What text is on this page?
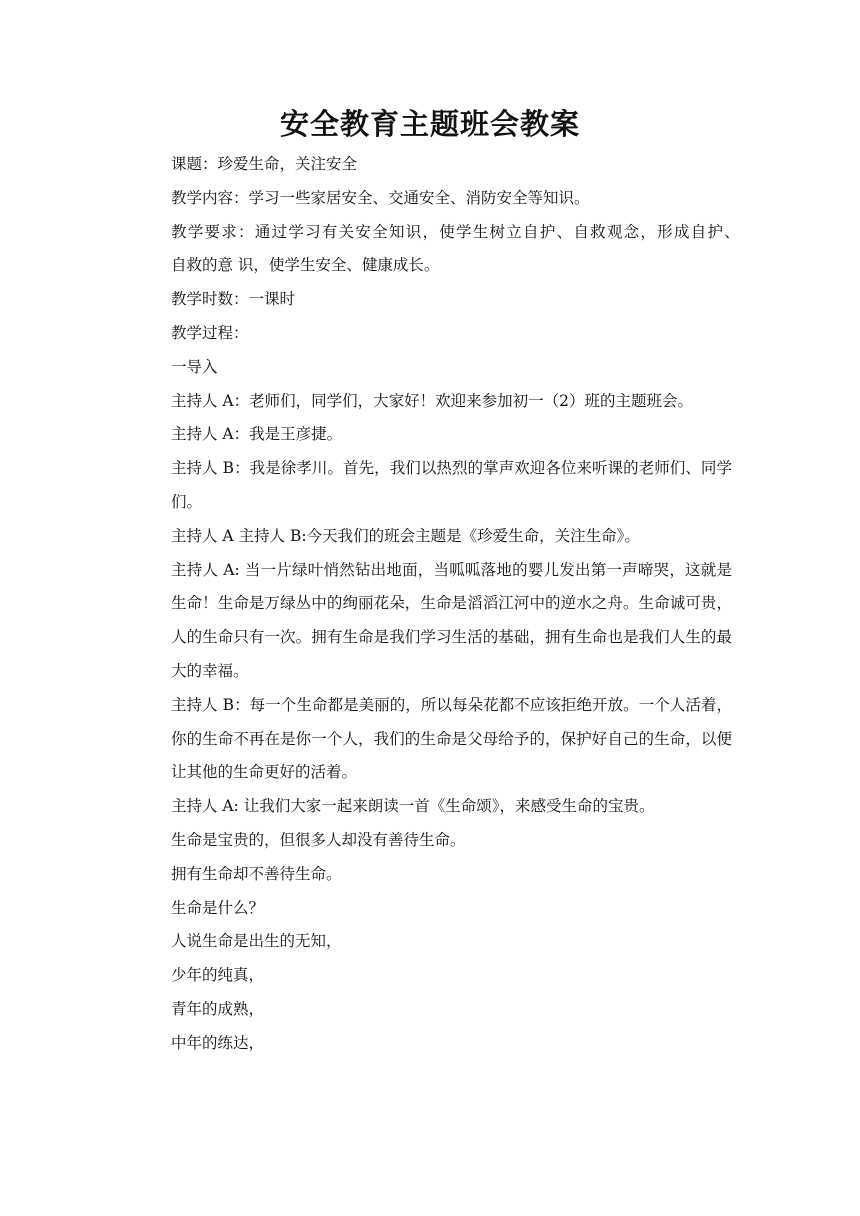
安全教育主题班会教案

课题：珍爱生命，关注安全

教学内容：学习一些家居安全、交通安全、消防安全等知识。

教学要求：通过学习有关安全知识，使学生树立自护、自救观念，形成自护、　　自救的意 识，使学生安全、健康成长。

教学时数：一课时

教学过程：

一导入

主持人 A：老师们，同学们，大家好！欢迎来参加初一（2）班的主题班会。

主持人 A：我是王彦捷。

主持人 B：我是徐孝川。首先，我们以热烈的掌声欢迎各位来听课的老师们、同学们。

主持人 A 主持人 B:今天我们的班会主题是《珍爱生命，关注生命》。

主持人 A: 当一片绿叶悄然钻出地面，当呱呱落地的婴儿发出第一声啼哭，这就是生命！生命是万绿丛中的绚丽花朵，生命是滔滔江河中的逆水之舟。生命诚可贵，人的生命只有一次。拥有生命是我们学习生活的基础，拥有生命也是我们人生的最大的幸福。

主持人 B：每一个生命都是美丽的，所以每朵花都不应该拒绝开放。一个人活着，你的生命不再在是你一个人，我们的生命是父母给予的，保护好自己的生命，以便让其他的生命更好的活着。

主持人 A: 让我们大家一起来朗读一首《生命颂》，来感受生命的宝贵。

生命是宝贵的，但很多人却没有善待生命。

拥有生命却不善待生命。

生命是什么？

人说生命是出生的无知，

少年的纯真，

青年的成熟，

中年的练达，
